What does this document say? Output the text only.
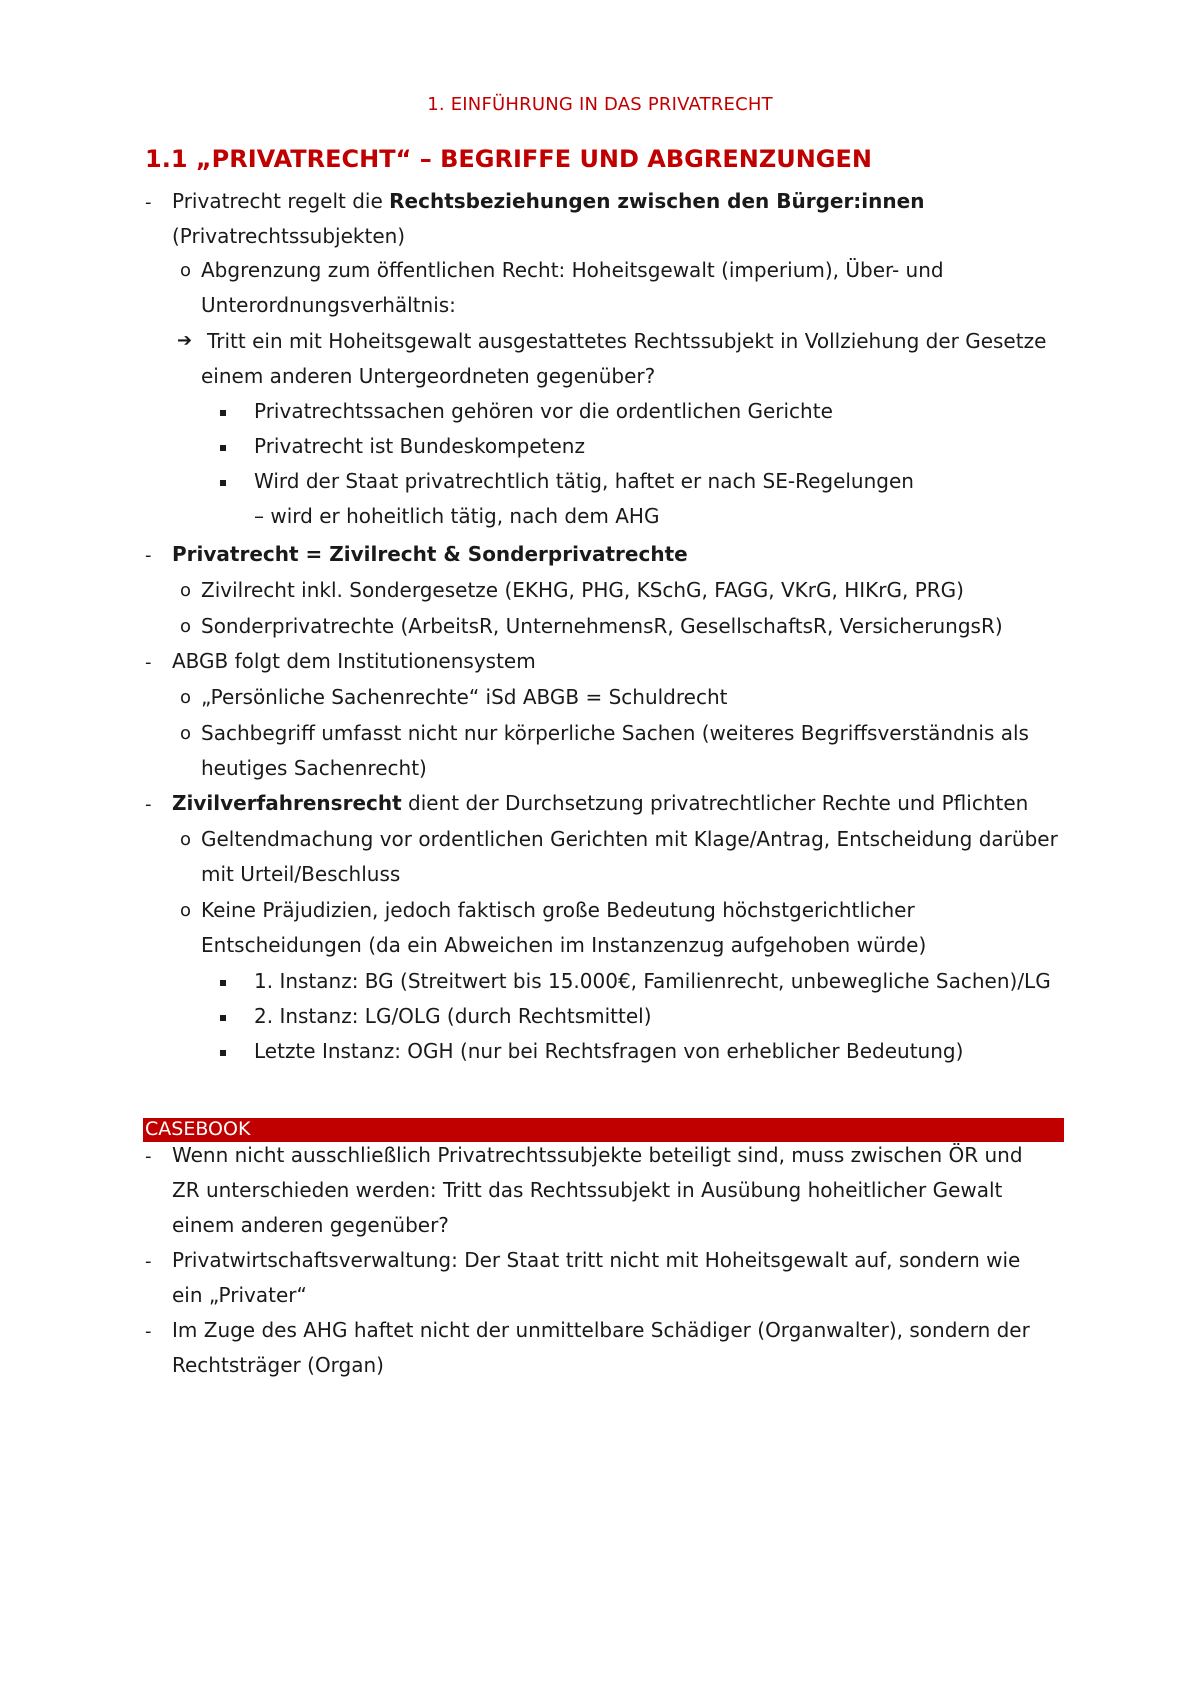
1. EINFÜHRUNG IN DAS PRIVATRECHT
1.1 „PRIVATRECHT“ – BEGRIFFE UND ABGRENZUNGEN
- Privatrecht regelt die Rechtsbeziehungen zwischen den Bürger:innen
(Privatrechtssubjekten)
o Abgrenzung zum öffentlichen Recht: Hoheitsgewalt (imperium), Über- und
Unterordnungsverhältnis:
➔ Tritt ein mit Hoheitsgewalt ausgestattetes Rechtssubjekt in Vollziehung der Gesetze
einem anderen Untergeordneten gegenüber?
Privatrechtssachen gehören vor die ordentlichen Gerichte
Privatrecht ist Bundeskompetenz
Wird der Staat privatrechtlich tätig, haftet er nach SE-Regelungen
– wird er hoheitlich tätig, nach dem AHG
- Privatrecht = Zivilrecht & Sonderprivatrechte
o Zivilrecht inkl. Sondergesetze (EKHG, PHG, KSchG, FAGG, VKrG, HIKrG, PRG)
o Sonderprivatrechte (ArbeitsR, UnternehmensR, GesellschaftsR, VersicherungsR)
- ABGB folgt dem Institutionensystem
o „Persönliche Sachenrechte“ iSd ABGB = Schuldrecht
o Sachbegriff umfasst nicht nur körperliche Sachen (weiteres Begriffsverständnis als
heutiges Sachenrecht)
- Zivilverfahrensrecht dient der Durchsetzung privatrechtlicher Rechte und Pflichten
o Geltendmachung vor ordentlichen Gerichten mit Klage/Antrag, Entscheidung darüber
mit Urteil/Beschluss
o Keine Präjudizien, jedoch faktisch große Bedeutung höchstgerichtlicher
Entscheidungen (da ein Abweichen im Instanzenzug aufgehoben würde)
1. Instanz: BG (Streitwert bis 15.000€, Familienrecht, unbewegliche Sachen)/LG
2. Instanz: LG/OLG (durch Rechtsmittel)
Letzte Instanz: OGH (nur bei Rechtsfragen von erheblicher Bedeutung)
CASEBOOK
- Wenn nicht ausschließlich Privatrechtssubjekte beteiligt sind, muss zwischen ÖR und
ZR unterschieden werden: Tritt das Rechtssubjekt in Ausübung hoheitlicher Gewalt
einem anderen gegenüber?
- Privatwirtschaftsverwaltung: Der Staat tritt nicht mit Hoheitsgewalt auf, sondern wie
ein „Privater“
- Im Zuge des AHG haftet nicht der unmittelbare Schädiger (Organwalter), sondern der
Rechtsträger (Organ)
